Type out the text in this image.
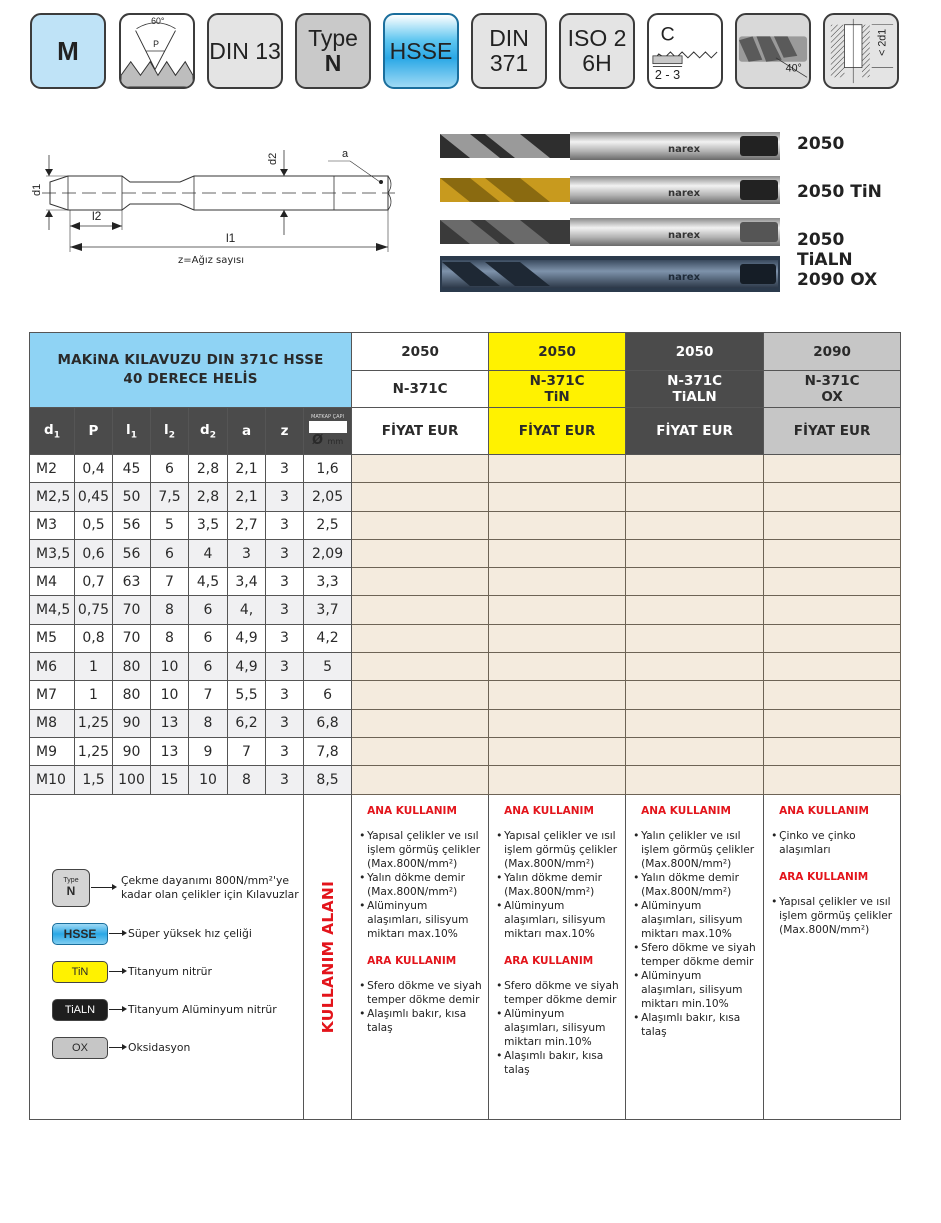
M
60°
P DIN 13 Type
N HSSE DIN
371
ISO 2
6H
C
2 - 3	40°
< 2d1
d1
d2	a
l2
l1
z=Ağız sayısı
narex
narex
narex
narex
2050
2050 TiN
2050 TiALN
2090 OX
MAKiNA KILAVUZU DIN 371C HSSE
40 DERECE HELİS								2050	2050	2050	2090

N-371C	N-371C
TiN

N-371C
TiALN

N-371C
OX

$d_1$	P	$l_1$	$l_2$	$d_2$	a	z	MATKAP ÇAPI
Ø mm	FİYAT EUR	FİYAT EUR	FİYAT EUR	FİYAT EUR
M2	0,4	45	6	2,8	2,1	3	1,6				
M2,5	0,45	50	7,5	2,8	2,1	3	2,05				
M3	0,5	56	5	3,5	2,7	3	2,5				
M3,5	0,6	56	6	4	3	3	2,09				
M4	0,7	63	7	4,5	3,4	3	3,3				
M4,5	0,75	70	8	6	4,	3	3,7				
M5	0,8	70	8	6	4,9	3	4,2				
M6	1	80	10	6	4,9	3	5				
M7	1	80	10	7	5,5	3	6				
M8	1,25	90	13	8	6,2	3	6,8				
M9	1,25	90	13	9	7	3	7,8				
M10	1,5	100	15	10	8	3	8,5				

Type
N
Çekme dayanımı 800N/mm²'ye
kadar olan çelikler için Kılavuzlar
HSSE	Süper yüksek hız çeliği
TiN	Titanyum nitrür
TiALN	Titanyum Alüminyum nitrür
OX	Oksidasyon

KULLANIM ALANI

ANA KULLANIM
• Yapısal çelikler ve ısıl işlem görmüş çelikler (Max.800N/mm²)
• Yalın dökme demir (Max.800N/mm²)
• Alüminyum alaşımları, silisyum miktarı max.10%
ARA KULLANIM
• Sfero dökme ve siyah temper dökme demir
• Alaşımlı bakır, kısa talaş

ANA KULLANIM
• Yapısal çelikler ve ısıl işlem görmüş çelikler (Max.800N/mm²)
• Yalın dökme demir (Max.800N/mm²)
• Alüminyum alaşımları, silisyum miktarı max.10%
ARA KULLANIM
• Sfero dökme ve siyah temper dökme demir
• Alüminyum alaşımları, silisyum miktarı min.10%
• Alaşımlı bakır, kısa talaş

ANA KULLANIM
• Yalın çelikler ve ısıl işlem görmüş çelikler (Max.800N/mm²)
• Yalın dökme demir (Max.800N/mm²)
• Alüminyum alaşımları, silisyum miktarı max.10%
• Sfero dökme ve siyah temper dökme demir
• Alüminyum alaşımları, silisyum miktarı min.10%
• Alaşımlı bakır, kısa talaş

ANA KULLANIM
• Çinko ve çinko alaşımları
ARA KULLANIM
• Yapısal çelikler ve ısıl işlem görmüş çelikler (Max.800N/mm²)
